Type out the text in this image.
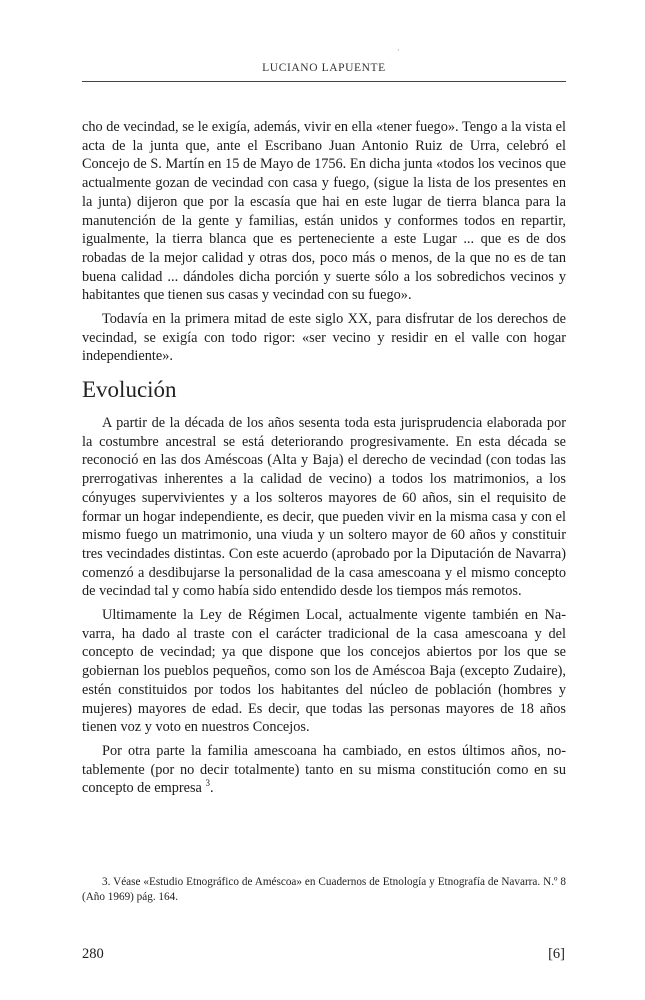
·
LUCIANO LAPUENTE

cho de vecindad, se le exigía, además, vivir en ella «tener fuego». Tengo a la vista el acta de la junta que, ante el Escribano Juan Antonio Ruiz de Urra, celebró el Concejo de S. Martín en 15 de Mayo de 1756. En dicha junta «todos los vecinos que actualmente gozan de vecindad con casa y fuego, (sigue la lista de los presentes en la junta) dijeron que por la escasía que hai en este lugar de tierra blanca para la manutención de la gente y familias, están unidos y conformes todos en repartir, igualmente, la tierra blanca que es perteneciente a este Lugar ... que es de dos robadas de la mejor calidad y otras dos, poco más o menos, de la que no es de tan buena calidad ... dándoles dicha porción y suerte sólo a los sobredichos vecinos y habitantes que tienen sus casas y vecindad con su fuego».

Todavía en la primera mitad de este siglo XX, para disfrutar de los derechos de vecindad, se exigía con todo rigor: «ser vecino y residir en el valle con hogar independiente».

Evolución

A partir de la década de los años sesenta toda esta jurisprudencia elaborada por la costumbre ancestral se está deteriorando progresivamente. En esta década se reconoció en las dos Améscoas (Alta y Baja) el derecho de vecindad (con todas las prerrogativas inherentes a la calidad de vecino) a todos los matrimonios, a los cónyuges supervivientes y a los solteros mayores de 60 años, sin el requisito de formar un hogar independiente, es decir, que pueden vivir en la misma casa y con el mismo fuego un matrimonio, una viuda y un soltero mayor de 60 años y constituir tres vecindades distintas. Con este acuerdo (aprobado por la Diputación de Navarra) comenzó a desdibujarse la personalidad de la casa amescoana y el mismo concepto de vecindad tal y como había sido entendido desde los tiempos más remotos.

Ultimamente la Ley de Régimen Local, actualmente vigente también en Navarra, ha dado al traste con el carácter tradicional de la casa amescoana y del concepto de vecindad; ya que dispone que los concejos abiertos por los que se gobiernan los pueblos pequeños, como son los de Améscoa Baja (excepto Zudaire), estén constituidos por todos los habitantes del núcleo de población (hombres y mujeres) mayores de edad. Es decir, que todas las personas mayores de 18 años tienen voz y voto en nuestros Concejos.

Por otra parte la familia amescoana ha cambiado, en estos últimos años, notablemente (por no decir totalmente) tanto en su misma constitución como en su concepto de empresa $^3$.

3. Véase «Estudio Etnográfico de Améscoa» en Cuadernos de Etnología y Etnografía de Navarra. N.º 8 (Año 1969) pág. 164.
280	[6]
